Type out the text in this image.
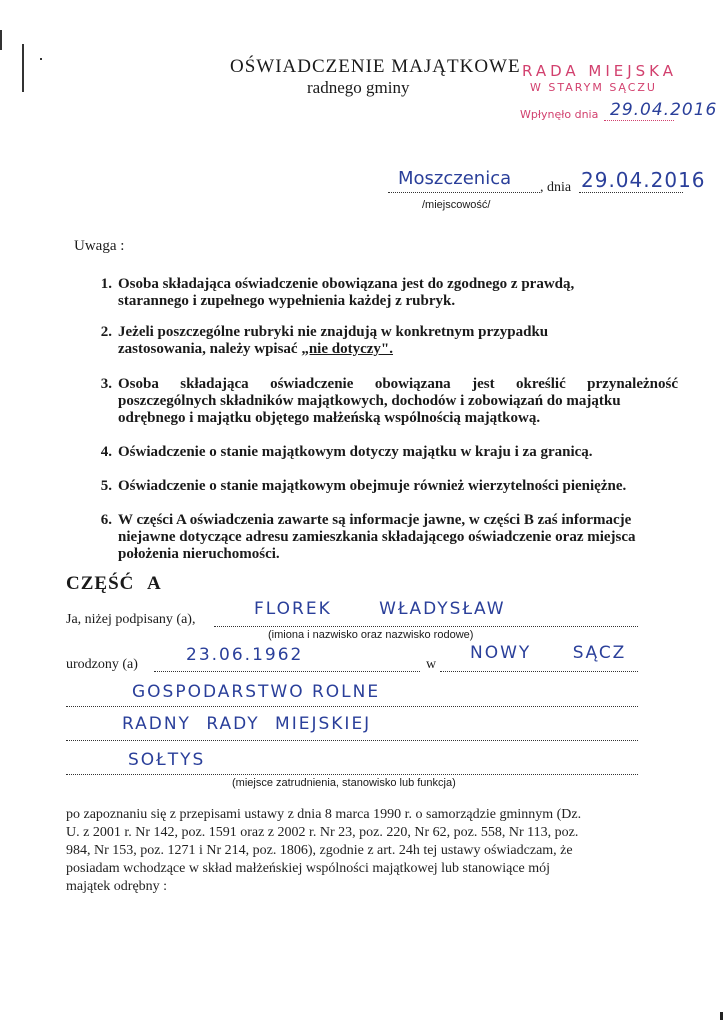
OŚWIADCZENIE MAJĄTKOWE
radnego gminy
RADA MIEJSKA
W STARYM SĄCZU
Wpłynęło dnia 29.04.2016
Moszczenica , dnia 29.04.2016
/miejscowość/
Uwaga :
1. Osoba składająca oświadczenie obowiązana jest do zgodnego z prawdą,
starannego i zupełnego wypełnienia każdej z rubryk.
2. Jeżeli poszczególne rubryki nie znajdują w konkretnym przypadku
zastosowania, należy wpisać „nie dotyczy".
3. Osoba składająca oświadczenie obowiązana jest określić przynależność
poszczególnych składników majątkowych, dochodów i zobowiązań do majątku
odrębnego i majątku objętego małżeńską wspólnością majątkową.
4. Oświadczenie o stanie majątkowym dotyczy majątku w kraju i za granicą.
5. Oświadczenie o stanie majątkowym obejmuje również wierzytelności pieniężne.
6. W części A oświadczenia zawarte są informacje jawne, w części B zaś informacje
niejawne dotyczące adresu zamieszkania składającego oświadczenie oraz miejsca
położenia nieruchomości.
CZĘŚĆ A
Ja, niżej podpisany (a),
FLOREK WŁADYSŁAW
(imiona i nazwisko oraz nazwisko rodowe)
urodzony (a)	23.06.1962	w
NOWY SĄCZ
GOSPODARSTWO ROLNE
RADNY RADY MIEJSKIEJ
SOŁTYS
(miejsce zatrudnienia, stanowisko lub funkcja)
po zapoznaniu się z przepisami ustawy z dnia 8 marca 1990 r. o samorządzie gminnym (Dz.
U. z 2001 r. Nr 142, poz. 1591 oraz z 2002 r. Nr 23, poz. 220, Nr 62, poz. 558, Nr 113, poz.
984, Nr 153, poz. 1271 i Nr 214, poz. 1806), zgodnie z art. 24h tej ustawy oświadczam, że
posiadam wchodzące w skład małżeńskiej wspólności majątkowej lub stanowiące mój
majątek odrębny :
